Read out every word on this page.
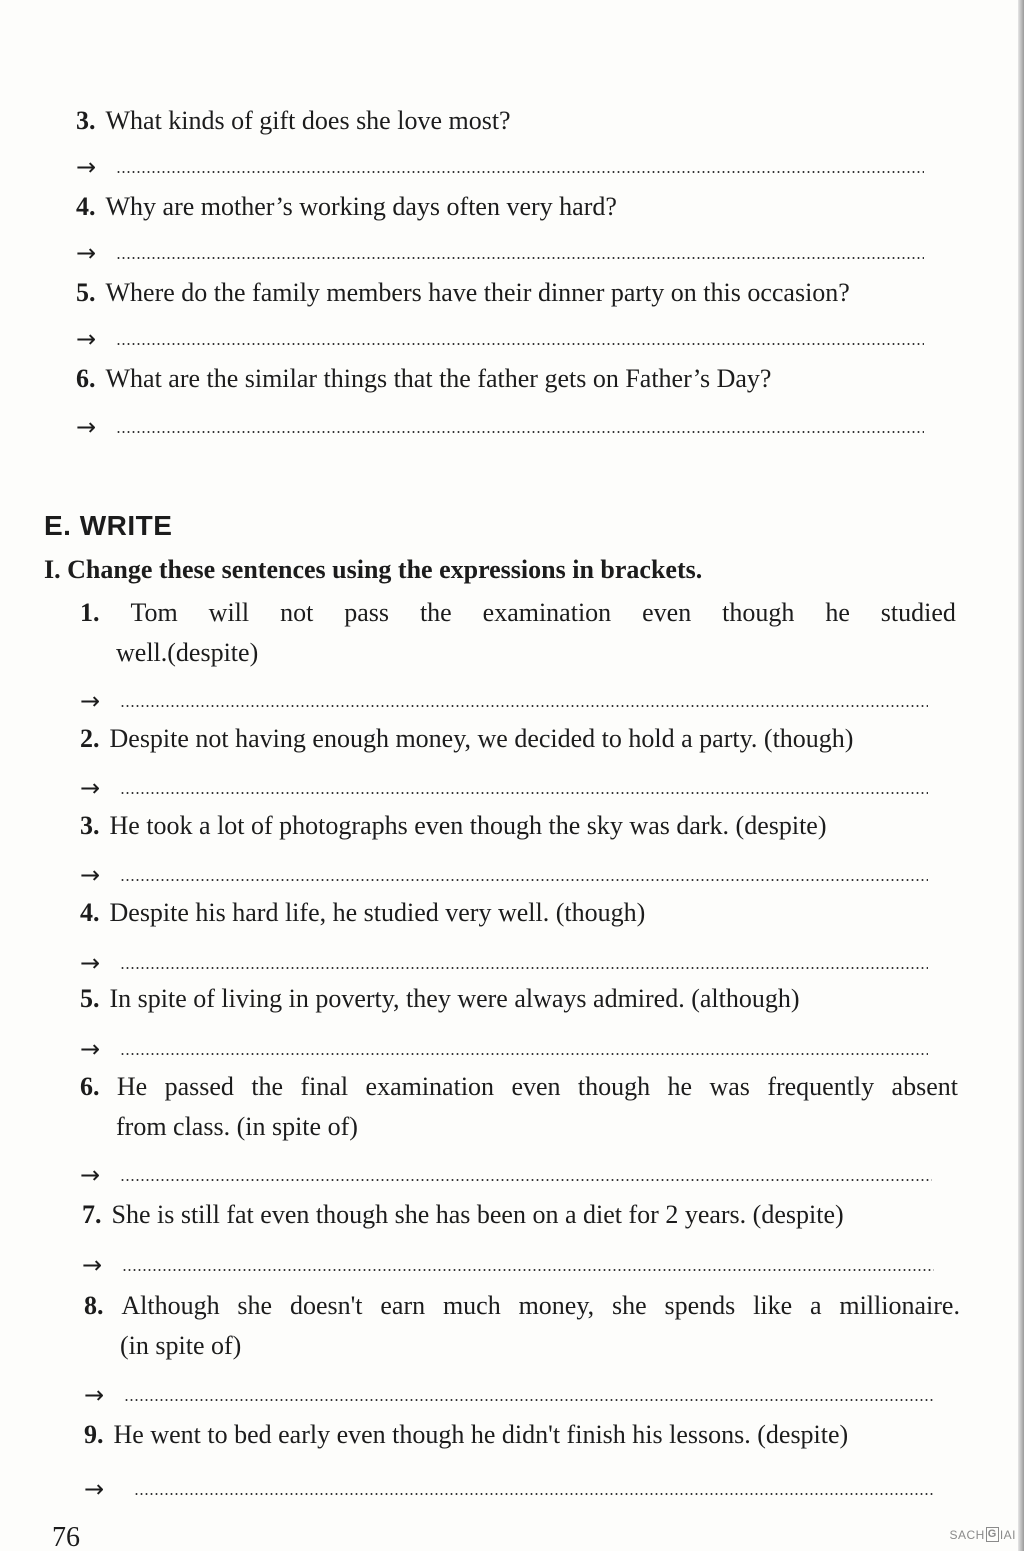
3. What kinds of gift does she love most?
→
4. Why are mother’s working days often very hard?
→
5. Where do the family members have their dinner party on this occasion?
→
6. What are the similar things that the father gets on Father’s Day?
→
E. WRITE
I. Change these sentences using the expressions in brackets.
1. Tom will not pass the examination even though he studied
well.(despite)
→
2. Despite not having enough money, we decided to hold a party. (though)
→
3. He took a lot of photographs even though the sky was dark. (despite)
→
4. Despite his hard life, he studied very well. (though)
→
5. In spite of living in poverty, they were always admired. (although)
→
6. He passed the final examination even though he was frequently absent
from class. (in spite of)
→
7. She is still fat even though she has been on a diet for 2 years. (despite)
→
8. Although she doesn't earn much money, she spends like a millionaire.
(in spite of)
→
9. He went to bed early even though he didn't finish his lessons. (despite)
→
76	SACH G IAI
